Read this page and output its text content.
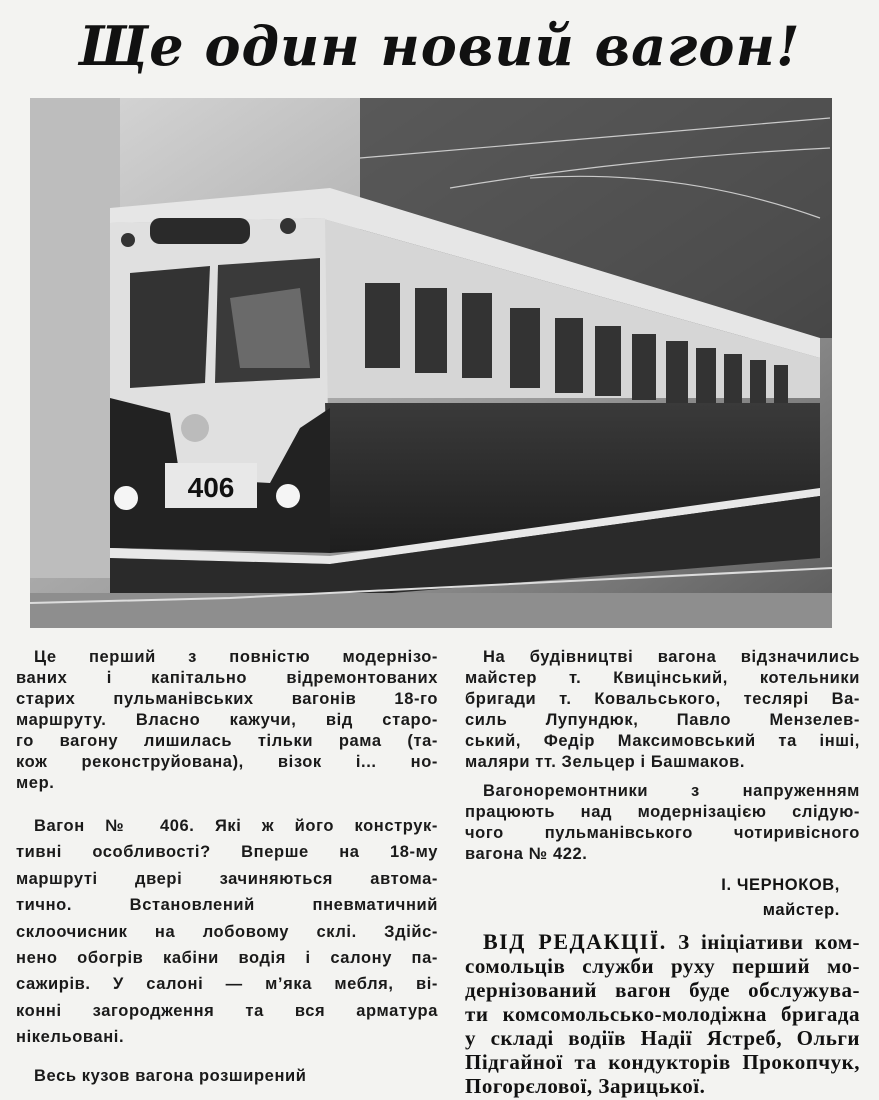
Ще один новий вагон!
406
Це перший з повністю модернізо-
ваних і капітально відремонтованих
старих пульманівських вагонів 18-го
маршруту. Власно кажучи, від старо-
го вагону лишилась тільки рама (та-
кож реконструйована), візок і... но-
мер.
Вагон № 406. Які ж його конструк-
тивні особливості? Вперше на 18-му
маршруті двері зачиняються автома-
тично. Встановлений пневматичний
склоочисник на лобовому склі. Здійс-
нено обогрів кабіни водія і салону па-
сажирів. У салоні — м’яка мебля, ві-
конні загородження та вся арматура
нікельовані.
Весь кузов вагона розширений
На будівництві вагона відзначились
майстер т. Квицінський, котельники
бригади т. Ковальського, теслярі Ва-
силь Лупундюк, Павло Мензелев-
ський, Федір Максимовський та інші,
маляри тт. Зельцер і Башмаков.
Вагоноремонтники з напруженням
працюють над модернізацією слідую-
чого пульманівського чотиривісного
вагона № 422.
І. ЧЕРНОКОВ,
майстер.
ВІД РЕДАКЦІЇ. З ініціативи ком-
сомольців служби руху перший мо-
дернізований вагон буде обслужува-
ти комсомольсько-молодіжна бригада
у складі водіїв Надії Ястреб, Ольги
Підгайної та кондукторів Прокопчук,
Погорєлової, Зарицької.
